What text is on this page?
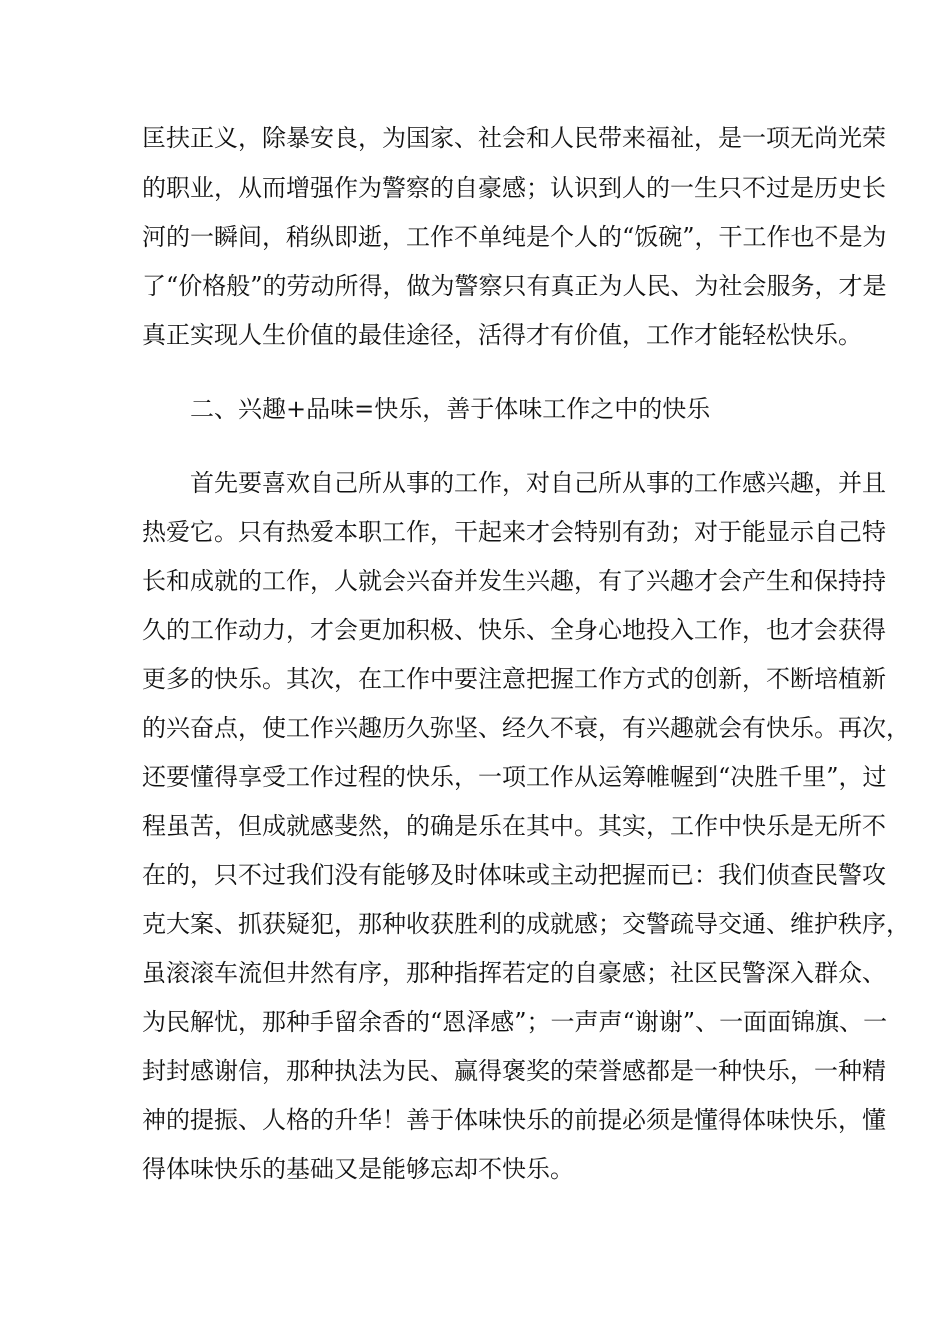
匡扶正义，除暴安良，为国家、社会和人民带来福祉，是一项无尚光荣

的职业，从而增强作为警察的自豪感；认识到人的一生只不过是历史长

河的一瞬间，稍纵即逝，工作不单纯是个人的“饭碗”，干工作也不是为

了“价格般”的劳动所得，做为警察只有真正为人民、为社会服务，才是

真正实现人生价值的最佳途径，活得才有价值，工作才能轻松快乐。

二、兴趣+品味=快乐，善于体味工作之中的快乐

首先要喜欢自己所从事的工作，对自己所从事的工作感兴趣，并且

热爱它。只有热爱本职工作，干起来才会特别有劲；对于能显示自己特

长和成就的工作，人就会兴奋并发生兴趣，有了兴趣才会产生和保持持

久的工作动力，才会更加积极、快乐、全身心地投入工作，也才会获得

更多的快乐。其次，在工作中要注意把握工作方式的创新，不断培植新

的兴奋点，使工作兴趣历久弥坚、经久不衰，有兴趣就会有快乐。再次，

还要懂得享受工作过程的快乐，一项工作从运筹帷幄到“决胜千里”，过

程虽苦，但成就感斐然，的确是乐在其中。其实，工作中快乐是无所不

在的，只不过我们没有能够及时体味或主动把握而已：我们侦查民警攻

克大案、抓获疑犯，那种收获胜利的成就感；交警疏导交通、维护秩序，

虽滚滚车流但井然有序，那种指挥若定的自豪感；社区民警深入群众、

为民解忧，那种手留余香的“恩泽感”；一声声“谢谢”、一面面锦旗、一

封封感谢信，那种执法为民、赢得褒奖的荣誉感都是一种快乐，一种精

神的提振、人格的升华！善于体味快乐的前提必须是懂得体味快乐，懂

得体味快乐的基础又是能够忘却不快乐。
